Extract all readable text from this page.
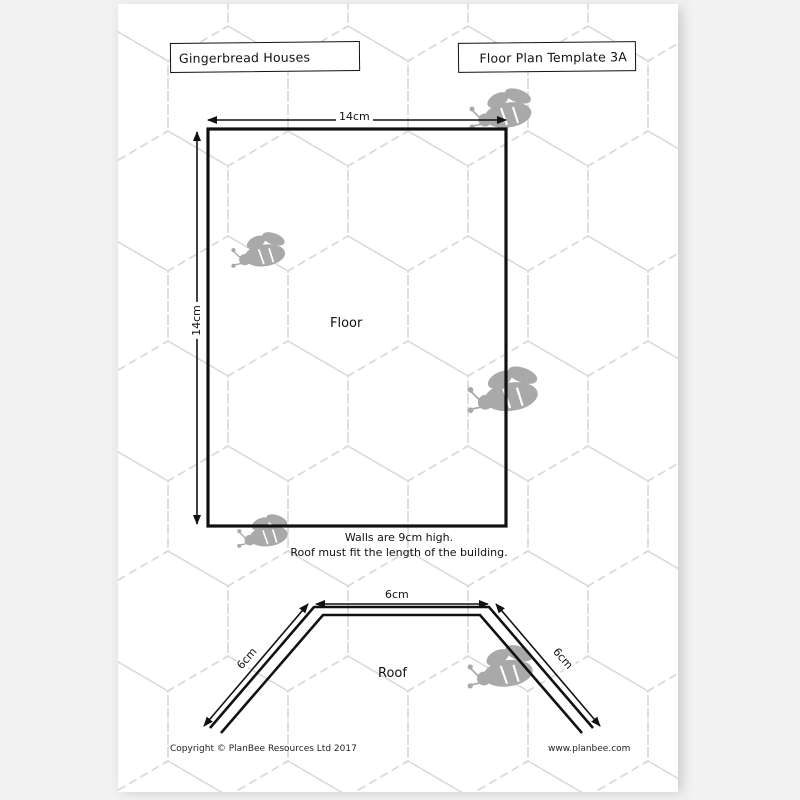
Gingerbread Houses	Floor Plan Template 3A
14cm
14cm	Floor
Walls are 9cm high.
Roof must fit the length of the building.
6cm
6cm	6cm
Roof
Copyright © PlanBee Resources Ltd 2017	www.planbee.com
